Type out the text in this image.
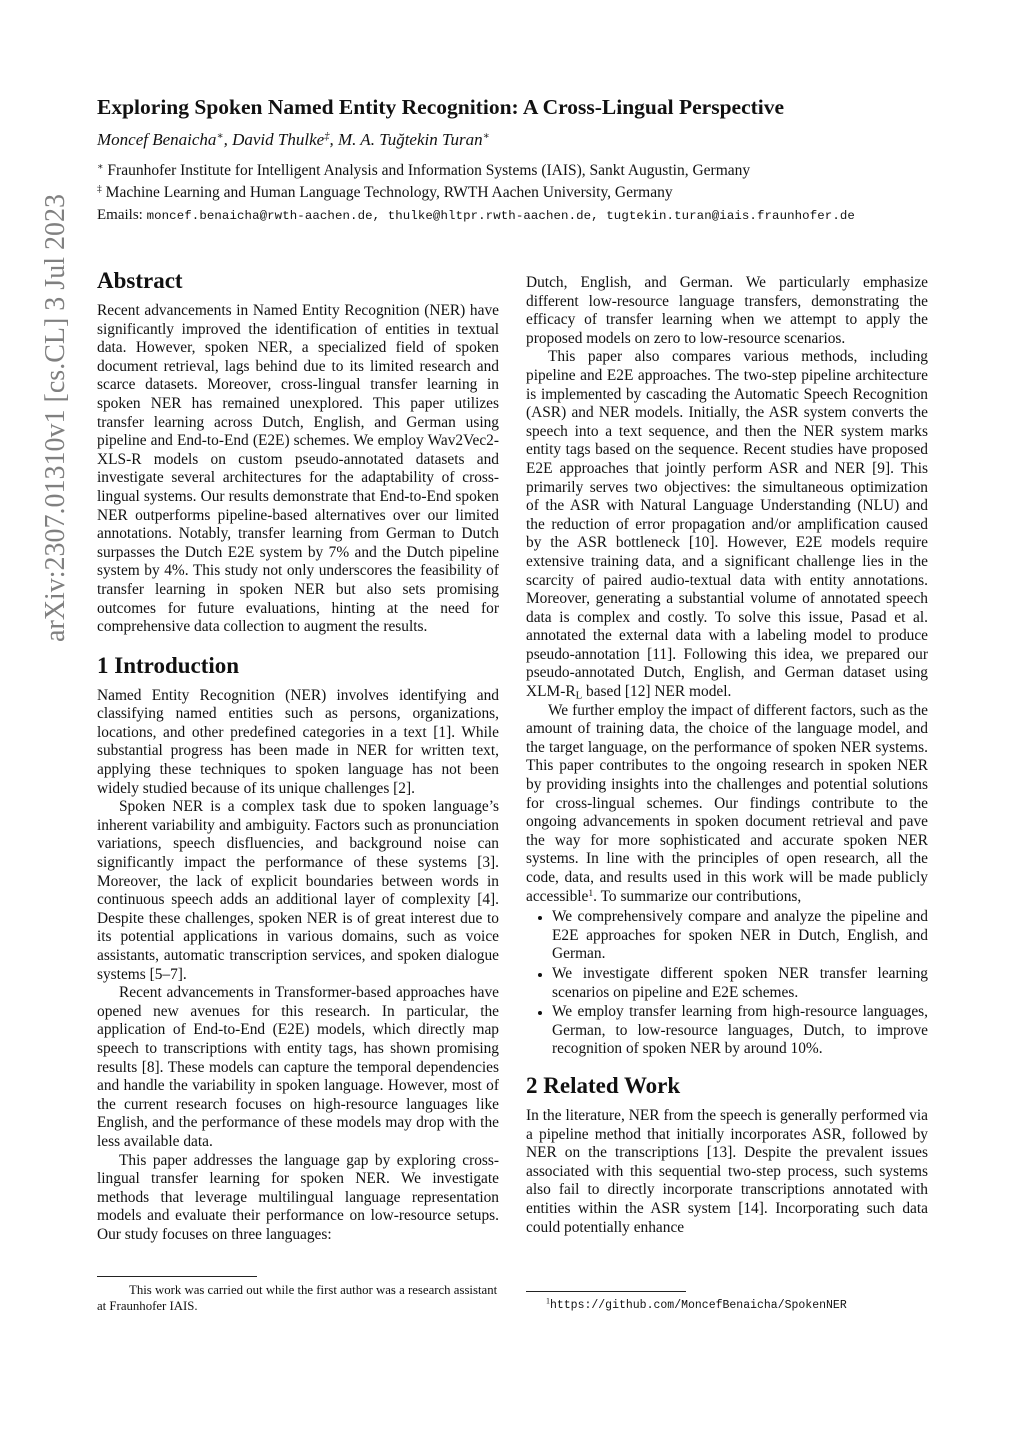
Exploring Spoken Named Entity Recognition: A Cross-Lingual Perspective
Moncef Benaicha∗, David Thulke‡, M. A. Tuğtekin Turan∗
∗ Fraunhofer Institute for Intelligent Analysis and Information Systems (IAIS), Sankt Augustin, Germany
‡ Machine Learning and Human Language Technology, RWTH Aachen University, Germany
Emails: moncef.benaicha@rwth-aachen.de, thulke@hltpr.rwth-aachen.de, tugtekin.turan@iais.fraunhofer.de
arXiv:2307.01310v1 [cs.CL] 3 Jul 2023 Abstract

Recent advancements in Named Entity Recognition (NER) have significantly improved the identification of entities in textual data. However, spoken NER, a specialized field of spoken document retrieval, lags behind due to its limited research and scarce datasets. Moreover, cross-lingual transfer learning in spoken NER has remained unexplored. This paper utilizes transfer learning across Dutch, English, and German using pipeline and End-to-End (E2E) schemes. We employ Wav2Vec2-XLS-R models on custom pseudo-annotated datasets and investigate several architectures for the adaptability of cross-lingual systems. Our results demonstrate that End-to-End spoken NER outperforms pipeline-based alternatives over our limited annotations. Notably, transfer learning from German to Dutch surpasses the Dutch E2E system by 7% and the Dutch pipeline system by 4%. This study not only underscores the feasibility of transfer learning in spoken NER but also sets promising outcomes for future evaluations, hinting at the need for comprehensive data collection to augment the results.

1 Introduction

Named Entity Recognition (NER) involves identifying and classifying named entities such as persons, organizations, locations, and other predefined categories in a text [1]. While substantial progress has been made in NER for written text, applying these techniques to spoken language has not been widely studied because of its unique challenges [2].

Spoken NER is a complex task due to spoken language’s inherent variability and ambiguity. Factors such as pronunciation variations, speech disfluencies, and background noise can significantly impact the performance of these systems [3]. Moreover, the lack of explicit boundaries between words in continuous speech adds an additional layer of complexity [4]. Despite these challenges, spoken NER is of great interest due to its potential applications in various domains, such as voice assistants, automatic transcription services, and spoken dialogue systems [5–7].

Recent advancements in Transformer-based approaches have opened new avenues for this research. In particular, the application of End-to-End (E2E) models, which directly map speech to transcriptions with entity tags, has shown promising results [8]. These models can capture the temporal dependencies and handle the variability in spoken language. However, most of the current research focuses on high-resource languages like English, and the performance of these models may drop with the less available data.

This paper addresses the language gap by exploring cross-lingual transfer learning for spoken NER. We investigate methods that leverage multilingual language representation models and evaluate their performance on low-resource setups. Our study focuses on three languages:

This work was carried out while the first author was a research assistant at Fraunhofer IAIS.

Dutch, English, and German. We particularly emphasize different low-resource language transfers, demonstrating the efficacy of transfer learning when we attempt to apply the proposed models on zero to low-resource scenarios.

This paper also compares various methods, including pipeline and E2E approaches. The two-step pipeline architecture is implemented by cascading the Automatic Speech Recognition (ASR) and NER models. Initially, the ASR system converts the speech into a text sequence, and then the NER system marks entity tags based on the sequence. Recent studies have proposed E2E approaches that jointly perform ASR and NER [9]. This primarily serves two objectives: the simultaneous optimization of the ASR with Natural Language Understanding (NLU) and the reduction of error propagation and/or amplification caused by the ASR bottleneck [10]. However, E2E models require extensive training data, and a significant challenge lies in the scarcity of paired audio-textual data with entity annotations. Moreover, generating a substantial volume of annotated speech data is complex and costly. To solve this issue, Pasad et al. annotated the external data with a labeling model to produce pseudo-annotation [11]. Following this idea, we prepared our pseudo-annotated Dutch, English, and German dataset using XLM-$R_L$ based [12] NER model.

We further employ the impact of different factors, such as the amount of training data, the choice of the language model, and the target language, on the performance of spoken NER systems. This paper contributes to the ongoing research in spoken NER by providing insights into the challenges and potential solutions for cross-lingual schemes. Our findings contribute to the ongoing advancements in spoken document retrieval and pave the way for more sophisticated and accurate spoken NER systems. In line with the principles of open research, all the code, data, and results used in this work will be made publicly accessible$^1$. To summarize our contributions,

• We comprehensively compare and analyze the pipeline and E2E approaches for spoken NER in Dutch, English, and German.
• We investigate different spoken NER transfer learning scenarios on pipeline and E2E schemes.
• We employ transfer learning from high-resource languages, German, to low-resource languages, Dutch, to improve recognition of spoken NER by around 10%.
2 Related Work

In the literature, NER from the speech is generally performed via a pipeline method that initially incorporates ASR, followed by NER on the transcriptions [13]. Despite the prevalent issues associated with this sequential two-step process, such systems also fail to directly incorporate transcriptions annotated with entities within the ASR system [14]. Incorporating such data could potentially enhance

$^1$https://github.com/MoncefBenaicha/SpokenNER
